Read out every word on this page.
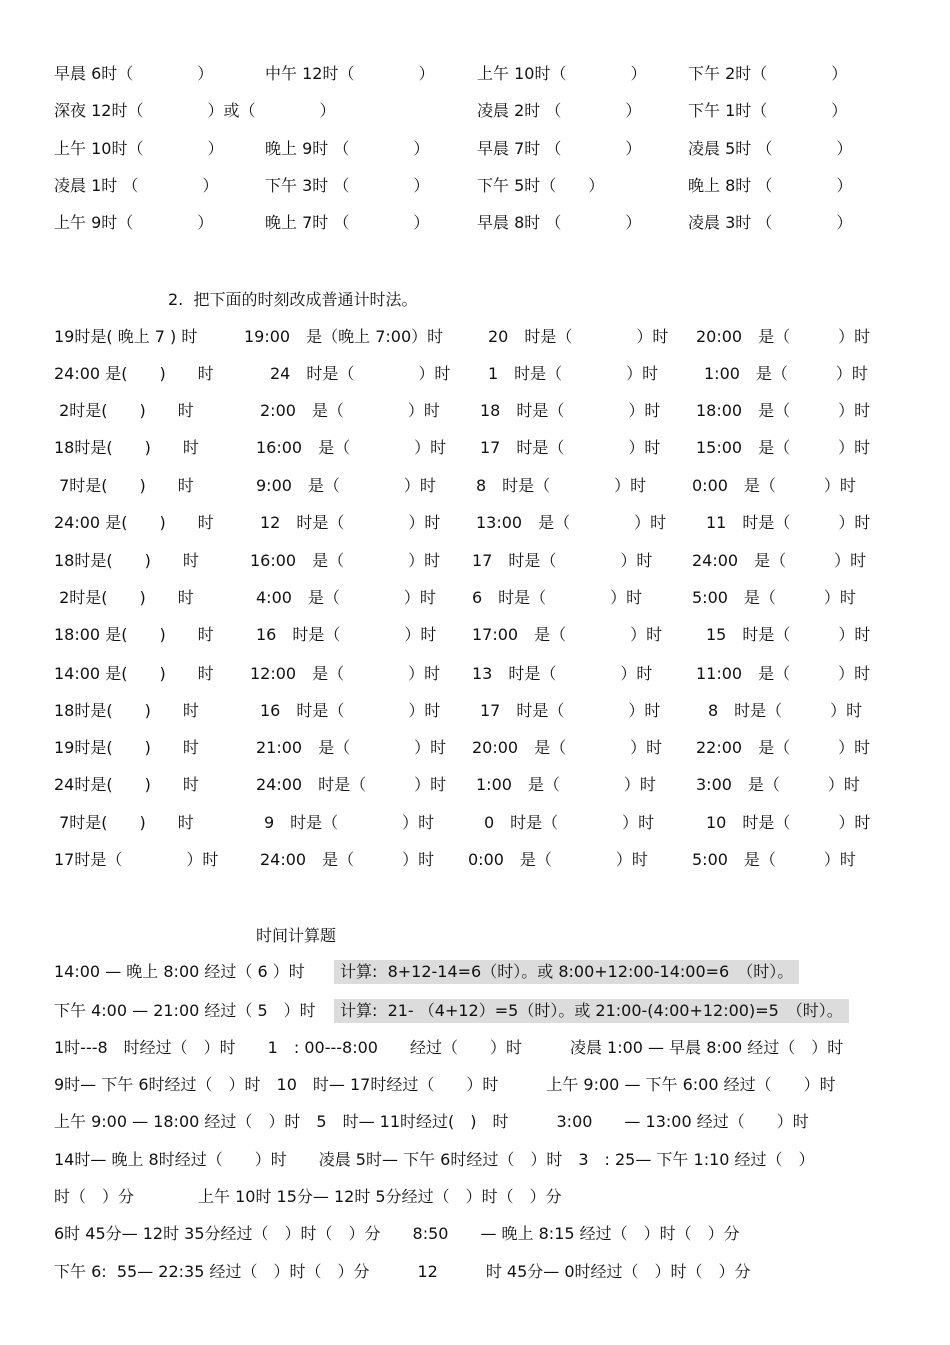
早晨 6时（　　　　）	中午 12时（　　　　）	上午 10时（　　　　）	下午 2时（　　　　）
深夜 12时（　　　　）或（　　　　）	凌晨 2时 （　　　　）	下午 1时（　　　　）
上午 10时（　　　　）	晚上 9时 （　　　　）	早晨 7时 （　　　　）	凌晨 5时 （　　　　）
凌晨 1时 （　　　　）	下午 3时 （　　　　）	下午 5时（　　）	晚上 8时 （　　　　）
上午 9时（　　　　）	晚上 7时 （　　　　）	早晨 8时 （　　　　）	凌晨 3时 （　　　　）
2.  把下面的时刻改成普通计时法。
19时是( 晚上 7 ) 时	19:00　是（晚上 7:00）时	20　时是（　　　　）时 20:00　是（　　　）时
24:00 是(　　)　　时	24　时是（　　　　）时 1　时是（　　　　）时	1:00　是（　　　）时
2时是(　　)　　时	2:00　是（　　　　）时	18　时是（　　　　）时 18:00　是（　　　）时
18时是(　　)　　时	16:00　是（　　　　）时 17　时是（　　　　）时 15:00　是（　　　）时
7时是(　　)　　时	9:00　是（　　　　）时	8　时是（　　　　）时	0:00　是（　　　）时
24:00 是(　　)　　时	12　时是（　　　　）时 13:00　是（　　　　）时 11　时是（　　　）时
18时是(　　)　　时	16:00　是（　　　　）时 17　时是（　　　　）时 24:00　是（　　　）时
2时是(　　)　　时	4:00　是（　　　　）时 6　时是（　　　　）时	5:00　是（　　　）时
18:00 是(　　)　　时	16　时是（　　　　）时 17:00　是（　　　　）时	15　时是（　　　）时
14:00 是(　　)　　时 12:00　是（　　　　）时 13　时是（　　　　）时	11:00　是（　　　）时
18时是(　　)　　时	16　时是（　　　　）时 17　时是（　　　　）时	8　时是（　　　）时
19时是(　　)　　时	21:00　是（　　　　）时 20:00　是（　　　　）时 22:00　是（　　　）时
24时是(　　)　　时	24:00　时是（　　　）时 1:00　是（　　　　）时	3:00　是（　　　）时
7时是(　　)　　时	9　时是（　　　　）时	0　时是（　　　　）时	10　时是（　　　）时
17时是（　　　　）时	24:00　是（　　　）时 0:00　是（　　　　）时	5:00　是（　　　）时
时间计算题
14:00 — 晚上 8:00 经过（ 6 ）时	计算:  8+12-14=6（时）。或 8:00+12:00-14:00=6　（时）。
下午 4:00 — 21:00 经过（ 5　）时	计算:  21- （4+12）=5（时）。或 21:00-(4:00+12:00)=5　（时）。
1时---8　时经过（　）时　　1　: 00---8:00　　经过（　　）时　　　凌晨 1:00 — 早晨 8:00 经过（　）时
9时— 下午 6时经过（　）时　10　时— 17时经过（　　）时　　　上午 9:00 — 下午 6:00 经过（　　）时
上午 9:00 — 18:00 经过（　）时　5　时— 11时经过(　)　时　　　3:00　　— 13:00 经过（　　）时
14时— 晚上 8时经过（　　）时　　凌晨 5时— 下午 6时经过（　）时　3　: 25— 下午 1:10 经过（　）
时（　）分　　　　上午 10时 15分— 12时 5分经过（　）时（　）分
6时 45分— 12时 35分经过（　）时（　）分　　8:50　　— 晚上 8:15 经过（　）时（　）分
下午 6:  55— 22:35 经过（　）时（　）分　　　12　　　时 45分— 0时经过（　）时（　）分
